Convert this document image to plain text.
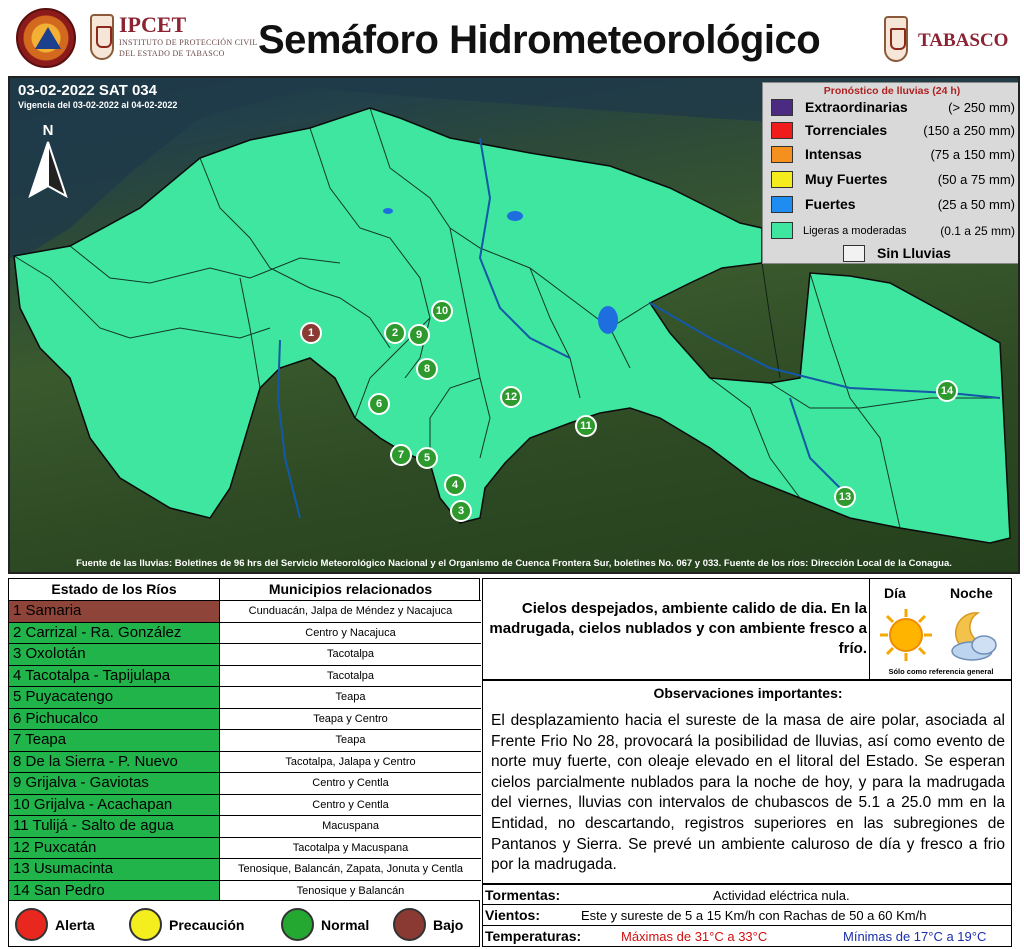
IPCET
INSTITUTO DE PROTECCIÓN CIVIL
DEL ESTADO DE TABASCO Semáforo Hidrometeorológico	TABASCO
03-02-2022 SAT 034
Vigencia del 03-02-2022 al 04-02-2022
N
1	2	9
10
8
6
12
11
7	5
4
3
14
13
Pronóstico de lluvias (24 h)
Extraordinarias	(> 250 mm)
Torrenciales	(150 a 250 mm)
Intensas	(75 a 150 mm)
Muy Fuertes	(50 a 75 mm)
Fuertes	(25 a 50 mm)
Ligeras a moderadas	(0.1 a 25 mm)
Sin Lluvias
Fuente de las lluvias: Boletines de 96 hrs del Servicio Meteorológico Nacional y el Organismo de Cuenca Frontera Sur, boletines No. 067 y 033. Fuente de los ríos: Dirección Local de la Conagua.
Estado de los Ríos	Municipios relacionados
1 Samaria	Cunduacán, Jalpa de Méndez y Nacajuca
2 Carrizal - Ra. González	Centro y Nacajuca
3 Oxolotán	Tacotalpa
4 Tacotalpa - Tapijulapa	Tacotalpa
5 Puyacatengo	Teapa
6 Pichucalco	Teapa y Centro
7 Teapa	Teapa
8 De la Sierra - P. Nuevo	Tacotalpa, Jalapa y Centro
9 Grijalva - Gaviotas	Centro y Centla
10 Grijalva - Acachapan	Centro y Centla
11 Tulijá - Salto de agua	Macuspana
12 Puxcatán	Tacotalpa y Macuspana
13 Usumacinta	Tenosique, Balancán, Zapata, Jonuta y Centla
14 San Pedro	Tenosique y Balancán
Alerta	Precaución	Normal	Bajo
Cielos despejados, ambiente calido de dia. En la madrugada, cielos nublados y con ambiente fresco a frío.
Día	Noche
Sólo como referencia general
Observaciones importantes:
El desplazamiento hacia el sureste de la masa de aire polar, asociada al Frente Frio No 28, provocará la posibilidad de lluvias, así como evento de norte muy fuerte, con oleaje elevado en el litoral del Estado. Se esperan cielos parcialmente nublados para la noche de hoy, y para la madrugada del viernes, lluvias con intervalos de chubascos de 5.1 a 25.0 mm en la Entidad, no descartando, registros superiores en las subregiones de Pantanos y Sierra. Se prevé un ambiente caluroso de día y fresco a frio por la madrugada.
Tormentas:	Actividad eléctrica nula.
Vientos:	Este y sureste de 5 a 15 Km/h con Rachas de 50 a 60 Km/h
Temperaturas:	Máximas de 31°C a 33°C	Mínimas de 17°C a 19°C
